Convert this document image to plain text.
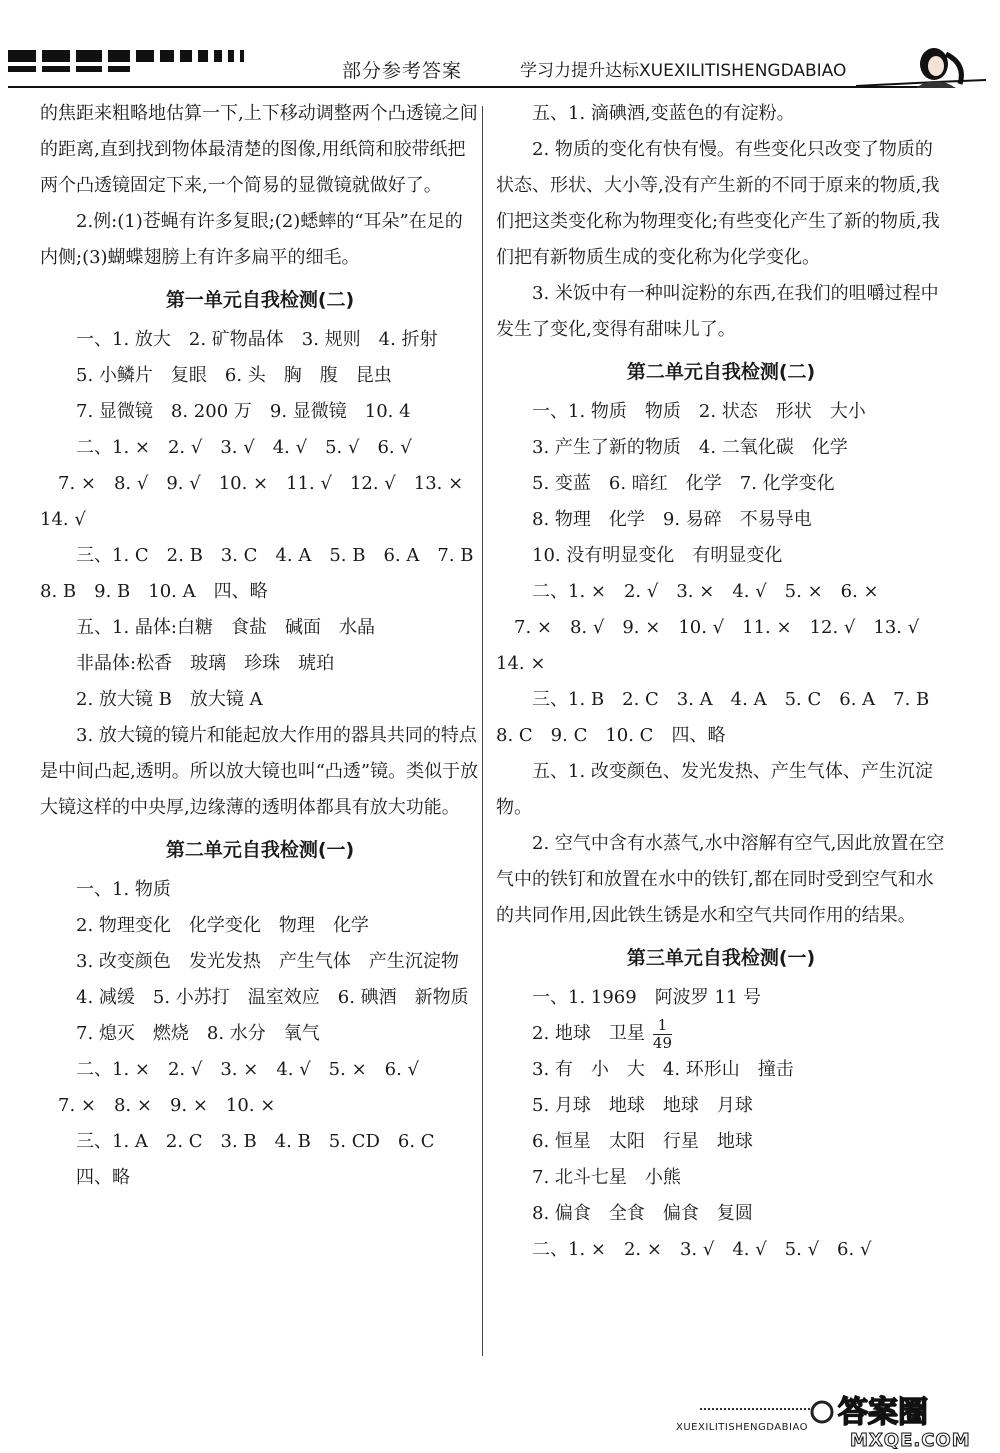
部分参考答案	学习力提升达标XUEXILITISHENGDABIAO

的焦距来粗略地估算一下,上下移动调整两个凸透镜之间的距离,直到找到物体最清楚的图像,用纸筒和胶带纸把两个凸透镜固定下来,一个简易的显微镜就做好了。

2.例:(1)苍蝇有许多复眼;(2)蟋蟀的“耳朵”在足的内侧;(3)蝴蝶翅膀上有许多扁平的细毛。

第一单元自我检测(二)

一、1. 放大　2. 矿物晶体　3. 规则　4. 折射

5. 小鳞片　复眼　6. 头　胸　腹　昆虫

7. 显微镜　8. 200 万　9. 显微镜　10. 4

二、1. ×　2. √　3. √　4. √　5. √　6. √

　7. ×　8. √　9. √　10. ×　11. √　12. √　13. ×　14. √

三、1. C　2. B　3. C　4. A　5. B　6. A　7. B

8. B　9. B　10. A　四、略

五、1. 晶体:白糖　食盐　碱面　水晶

非晶体:松香　玻璃　珍珠　琥珀

2. 放大镜 B　放大镜 A

3. 放大镜的镜片和能起放大作用的器具共同的特点是中间凸起,透明。所以放大镜也叫“凸透”镜。类似于放大镜这样的中央厚,边缘薄的透明体都具有放大功能。

第二单元自我检测(一)

一、1. 物质

2. 物理变化　化学变化　物理　化学

3. 改变颜色　发光发热　产生气体　产生沉淀物

4. 减缓　5. 小苏打　温室效应　6. 碘酒　新物质

7. 熄灭　燃烧　8. 水分　氧气

二、1. ×　2. √　3. ×　4. √　5. ×　6. √

　7. ×　8. ×　9. ×　10. ×

三、1. A　2. C　3. B　4. B　5. CD　6. C

四、略

五、1. 滴碘酒,变蓝色的有淀粉。

2. 物质的变化有快有慢。有些变化只改变了物质的状态、形状、大小等,没有产生新的不同于原来的物质,我们把这类变化称为物理变化;有些变化产生了新的物质,我们把有新物质生成的变化称为化学变化。

3. 米饭中有一种叫淀粉的东西,在我们的咀嚼过程中发生了变化,变得有甜味儿了。

第二单元自我检测(二)

一、1. 物质　物质　2. 状态　形状　大小

3. 产生了新的物质　4. 二氧化碳　化学

5. 变蓝　6. 暗红　化学　7. 化学变化

8. 物理　化学　9. 易碎　不易导电

10. 没有明显变化　有明显变化

二、1. ×　2. √　3. ×　4. √　5. ×　6. ×

　7. ×　8. √　9. ×　10. √　11. ×　12. √　13. √　14. ×

三、1. B　2. C　3. A　4. A　5. C　6. A　7. B

8. C　9. C　10. C　四、略

五、1. 改变颜色、发光发热、产生气体、产生沉淀物。

2. 空气中含有水蒸气,水中溶解有空气,因此放置在空气中的铁钉和放置在水中的铁钉,都在同时受到空气和水的共同作用,因此铁生锈是水和空气共同作用的结果。

第三单元自我检测(一)

一、1. 1969　阿波罗 11 号

2. 地球　卫星 $\frac{1}{49}$

3. 有　小　大　4. 环形山　撞击

5. 月球　地球　地球　月球

6. 恒星　太阳　行星　地球

7. 北斗七星　小熊

8. 偏食　全食　偏食　复圆

二、1. ×　2. ×　3. √　4. √　5. √　6. √

XUEXILITISHENGDABIAO 答案圈
MXQE.COM
